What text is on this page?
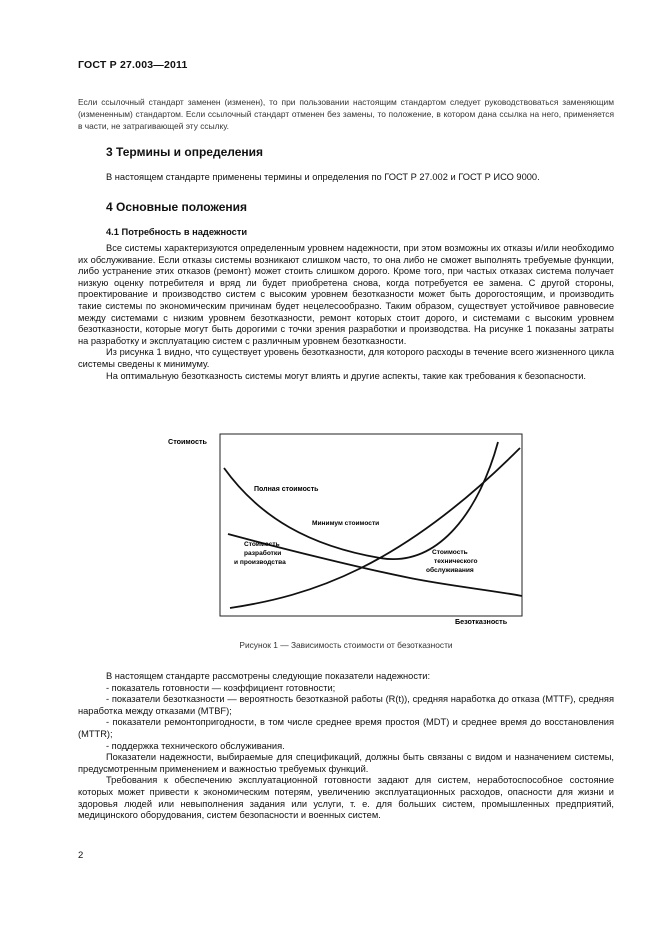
ГОСТ Р 27.003—2011
Если ссылочный стандарт заменен (изменен), то при пользовании настоящим стандартом следует руководствоваться заменяющим (измененным) стандартом. Если ссылочный стандарт отменен без замены, то положение, в котором дана ссылка на него, применяется в части, не затрагивающей эту ссылку.
3 Термины и определения
В настоящем стандарте применены термины и определения по ГОСТ Р 27.002 и ГОСТ Р ИСО 9000.
4 Основные положения
4.1 Потребность в надежности

Все системы характеризуются определенным уровнем надежности, при этом возможны их отказы и/или необходимо их обслуживание. Если отказы системы возникают слишком часто, то она либо не сможет выполнять требуемые функции, либо устранение этих отказов (ремонт) может стоить слишком дорого. Кроме того, при частых отказах система получает низкую оценку потребителя и вряд ли будет приобретена снова, когда потребуется ее замена. С другой стороны, проектирование и производство систем с высоким уровнем безотказности может быть дорогостоящим, и производить такие системы по экономическим причинам будет нецелесообразно. Таким образом, существует устойчивое равновесие между системами с низким уровнем безотказности, ремонт которых стоит дорого, и системами с высоким уровнем безотказности, которые могут быть дорогими с точки зрения разработки и производства. На рисунке 1 показаны затраты на разработку и эксплуатацию систем с различным уровнем безотказности.

Из рисунка 1 видно, что существует уровень безотказности, для которого расходы в течение всего жизненного цикла системы сведены к минимуму.

На оптимальную безотказность системы могут влиять и другие аспекты, такие как требования к безопасности.

Стоимость
Безотказность
Полная стоимость
Минимум стоимости
Стоимость
разработки
и производства
Стоимость
технического
обслуживания
Рисунок 1 — Зависимость стоимости от безотказности

В настоящем стандарте рассмотрены следующие показатели надежности:

- показатель готовности — коэффициент готовности;

- показатели безотказности — вероятность безотказной работы (R(t)), средняя наработка до отказа (MTTF), средняя наработка между отказами (MTBF);

- показатели ремонтопригодности, в том числе среднее время простоя (MDT) и среднее время до восстановления (MTTR);

- поддержка технического обслуживания.

Показатели надежности, выбираемые для спецификаций, должны быть связаны с видом и назначением системы, предусмотренным применением и важностью требуемых функций.

Требования к обеспечению эксплуатационной готовности задают для систем, неработоспособное состояние которых может привести к экономическим потерям, увеличению эксплуатационных расходов, опасности для жизни и здоровья людей или невыполнения задания или услуги, т. е. для больших систем, промышленных предприятий, медицинского оборудования, систем безопасности и военных систем.

2
